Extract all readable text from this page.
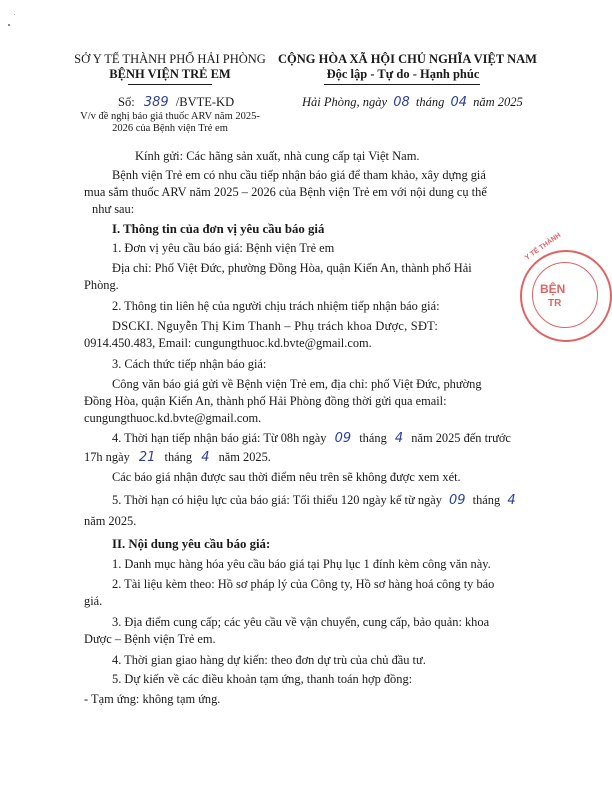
SỞ Y TẾ THÀNH PHỐ HẢI PHÒNG
BỆNH VIỆN TRẺ EM
Số: 389 /BVTE-KD
V/v đề nghị báo giá thuốc ARV năm 2025-
2026 của Bệnh viện Trẻ em
CỘNG HÒA XÃ HỘI CHỦ NGHĨA VIỆT NAM
Độc lập - Tự do - Hạnh phúc
Hải Phòng, ngày 08 tháng 04 năm 2025
Kính gửi: Các hãng sản xuất, nhà cung cấp tại Việt Nam.
Bệnh viện Trẻ em có nhu cầu tiếp nhận báo giá để tham khảo, xây dựng giá
mua sắm thuốc ARV năm 2025 – 2026 của Bệnh viện Trẻ em với nội dung cụ thể
như sau:
I. Thông tin của đơn vị yêu cầu báo giá
1. Đơn vị yêu cầu báo giá: Bệnh viện Trẻ em
Địa chỉ: Phố Việt Đức, phường Đồng Hòa, quận Kiến An, thành phố Hải
Phòng.
2. Thông tin liên hệ của người chịu trách nhiệm tiếp nhận báo giá:
DSCKI. Nguyễn Thị Kim Thanh – Phụ trách khoa Dược, SĐT:
0914.450.483, Email: cungungthuoc.kd.bvte@gmail.com.
3. Cách thức tiếp nhận báo giá:
Công văn báo giá gửi về Bệnh viện Trẻ em, địa chỉ: phố Việt Đức, phường
Đồng Hòa, quận Kiến An, thành phố Hải Phòng đồng thời gửi qua email:
cungungthuoc.kd.bvte@gmail.com.
4. Thời hạn tiếp nhận báo giá: Từ 08h ngày 09 tháng 4 năm 2025 đến trước
17h ngày 21 tháng 4 năm 2025.
Các báo giá nhận được sau thời điểm nêu trên sẽ không được xem xét.
5. Thời hạn có hiệu lực của báo giá: Tối thiểu 120 ngày kể từ ngày 09 tháng 4
năm 2025.
II. Nội dung yêu cầu báo giá:
1. Danh mục hàng hóa yêu cầu báo giá tại Phụ lục 1 đính kèm công văn này.
2. Tài liệu kèm theo: Hồ sơ pháp lý của Công ty, Hồ sơ hàng hoá công ty báo
giá.
3. Địa điểm cung cấp; các yêu cầu về vận chuyển, cung cấp, bảo quản: khoa
Dược – Bệnh viện Trẻ em.
4. Thời gian giao hàng dự kiến: theo đơn dự trù của chủ đầu tư.
5. Dự kiến về các điều khoản tạm ứng, thanh toán hợp đồng:
- Tạm ứng: không tạm ứng.
Y TẾ THÀNH
BỆN
TR
